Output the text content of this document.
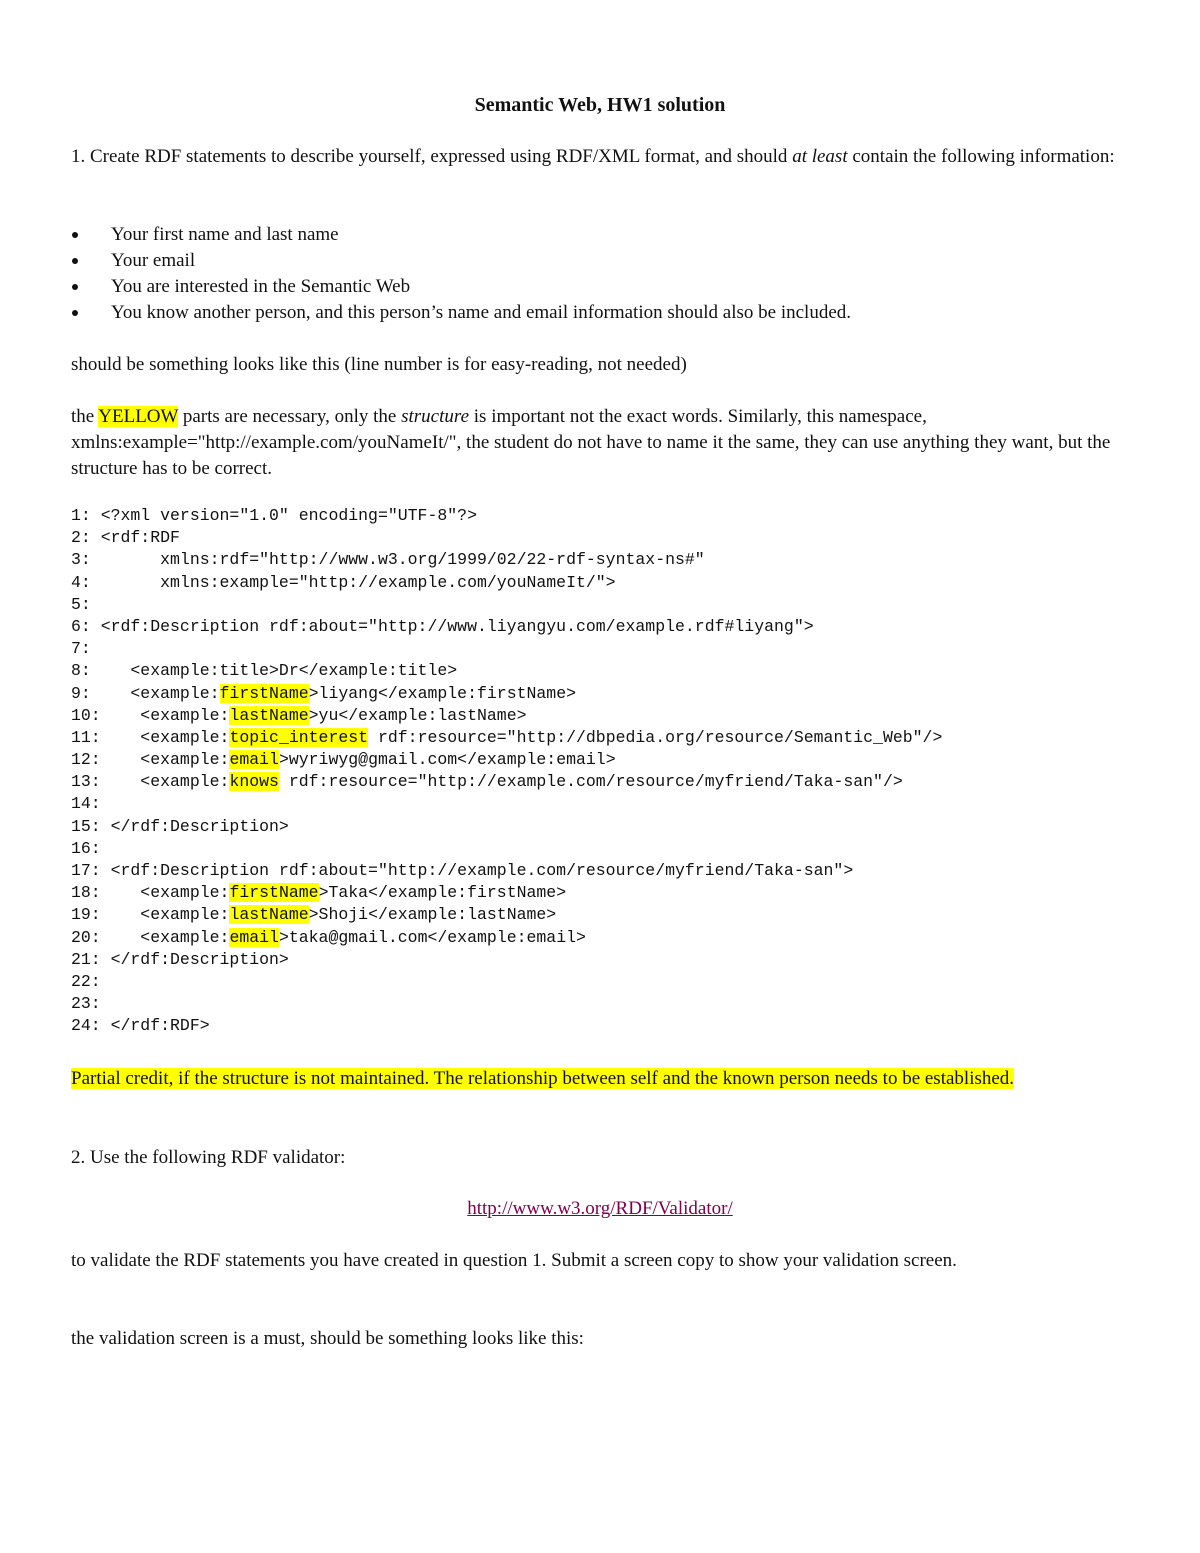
Semantic Web, HW1 solution
1. Create RDF statements to describe yourself, expressed using RDF/XML format, and should at least contain the following information:
Your first name and last name
Your email
You are interested in the Semantic Web
You know another person, and this person’s name and email information should also be included.
should be something looks like this (line number is for easy-reading, not needed)
the YELLOW parts are necessary, only the structure is important not the exact words. Similarly, this namespace, xmlns:example="http://example.com/youNameIt/", the student do not have to name it the same, they can use anything they want, but the structure has to be correct.
1: <?xml version="1.0" encoding="UTF-8"?>
2: <rdf:RDF
3:       xmlns:rdf="http://www.w3.org/1999/02/22-rdf-syntax-ns#"
4:       xmlns:example="http://example.com/youNameIt/">
5:
6: <rdf:Description rdf:about="http://www.liyangyu.com/example.rdf#liyang">
7:
8:    <example:title>Dr</example:title>
9:    <example:firstName>liyang</example:firstName>
10:    <example:lastName>yu</example:lastName>
11:    <example:topic_interest rdf:resource="http://dbpedia.org/resource/Semantic_Web"/>
12:    <example:email>wyriwyg@gmail.com</example:email>
13:    <example:knows rdf:resource="http://example.com/resource/myfriend/Taka-san"/>
14:
15: </rdf:Description>
16:
17: <rdf:Description rdf:about="http://example.com/resource/myfriend/Taka-san">
18:    <example:firstName>Taka</example:firstName>
19:    <example:lastName>Shoji</example:lastName>
20:    <example:email>taka@gmail.com</example:email>
21: </rdf:Description>
22:
23:
24: </rdf:RDF>
Partial credit, if the structure is not maintained. The relationship between self and the known person needs to be established.
2. Use the following RDF validator:
http://www.w3.org/RDF/Validator/
to validate the RDF statements you have created in question 1. Submit a screen copy to show your validation screen.
the validation screen is a must, should be something looks like this:
